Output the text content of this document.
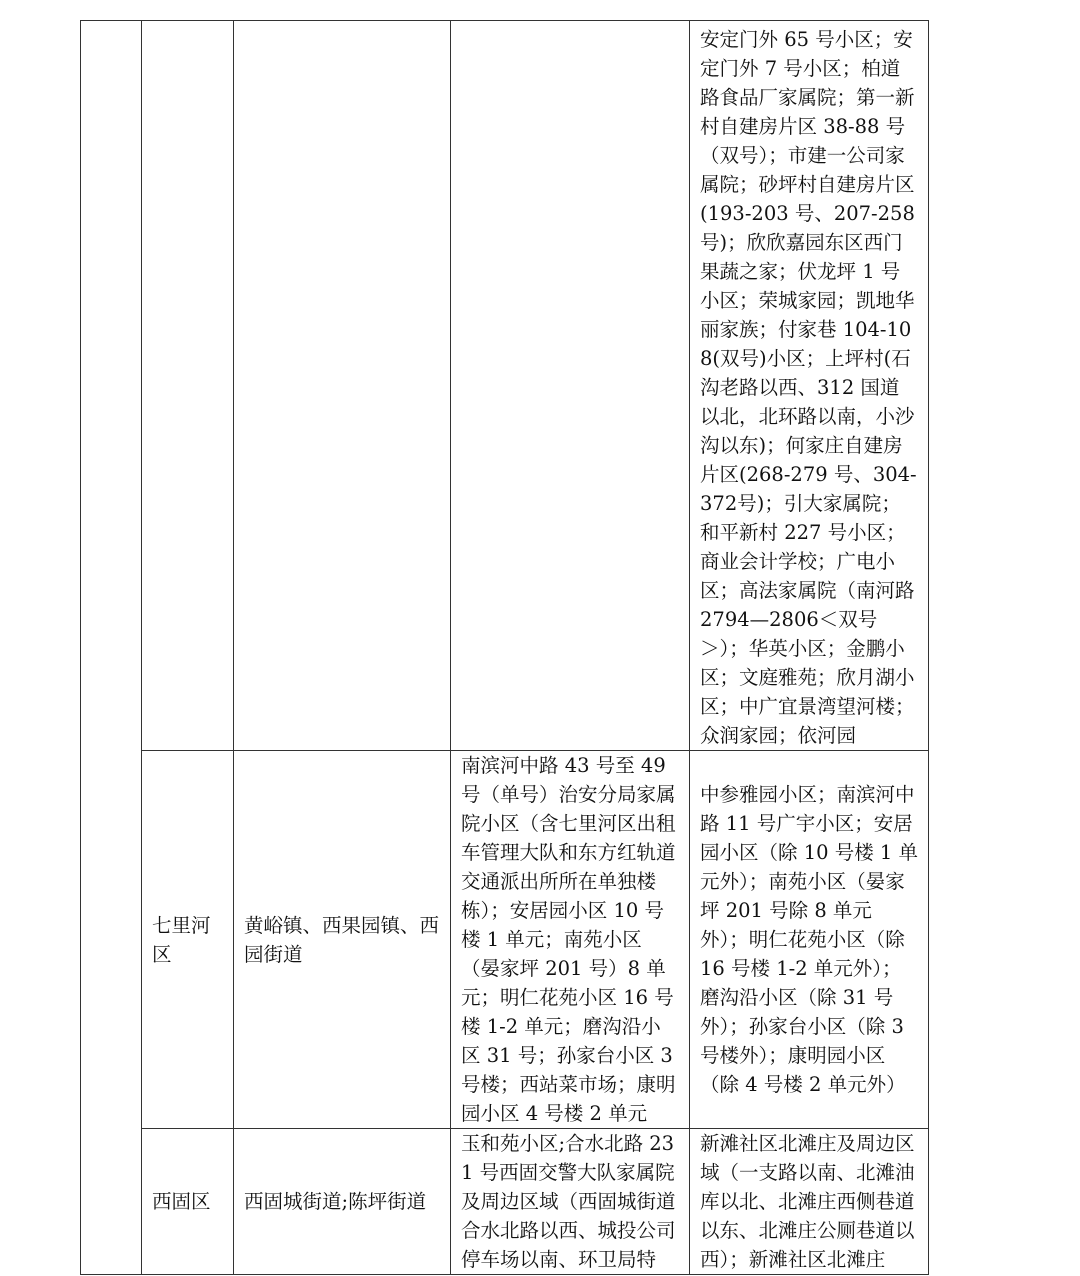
				安定门外 65 号小区；安定门外 7 号小区；柏道路食品厂家属院；第一新村自建房片区 38-88 号（双号）；市建一公司家属院；砂坪村自建房片区(193-203 号、207-258号)；欣欣嘉园东区西门果蔬之家；伏龙坪 1 号小区；荣城家园；凯地华丽家族；付家巷 104-108(双号)小区；上坪村(石沟老路以西、312 国道以北，北环路以南，小沙沟以东)；何家庄自建房片区(268-279 号、304-372号)；引大家属院；和平新村 227 号小区；商业会计学校；广电小区；高法家属院（南河路 2794—2806＜双号＞）；华英小区；金鹏小区；文庭雅苑；欣月湖小区；中广宜景湾望河楼；众润家园；依河园
	七里河区	黄峪镇、西果园镇、西园街道	南滨河中路 43 号至 49 号（单号）治安分局家属院小区（含七里河区出租车管理大队和东方红轨道交通派出所所在单独楼栋）；安居园小区 10 号楼 1 单元；南苑小区（晏家坪 201 号）8 单元；明仁花苑小区 16 号楼 1-2 单元；磨沟沿小区 31 号；孙家台小区 3 号楼；西站菜市场；康明园小区 4 号楼 2 单元	中参雅园小区；南滨河中路 11 号广宇小区；安居园小区（除 10 号楼 1 单元外）；南苑小区（晏家坪 201 号除 8 单元外）；明仁花苑小区（除 16 号楼 1-2 单元外）；磨沟沿小区（除 31 号外）；孙家台小区（除 3 号楼外）；康明园小区（除 4 号楼 2 单元外）
	西固区	西固城街道;陈坪街道	玉和苑小区;合水北路 231 号西固交警大队家属院及周边区域（西固城街道合水北路以西、城投公司停车场以南、环卫局特	新滩社区北滩庄及周边区域（一支路以南、北滩油库以北、北滩庄西侧巷道以东、北滩庄公厕巷道以西）；新滩社区北滩庄
